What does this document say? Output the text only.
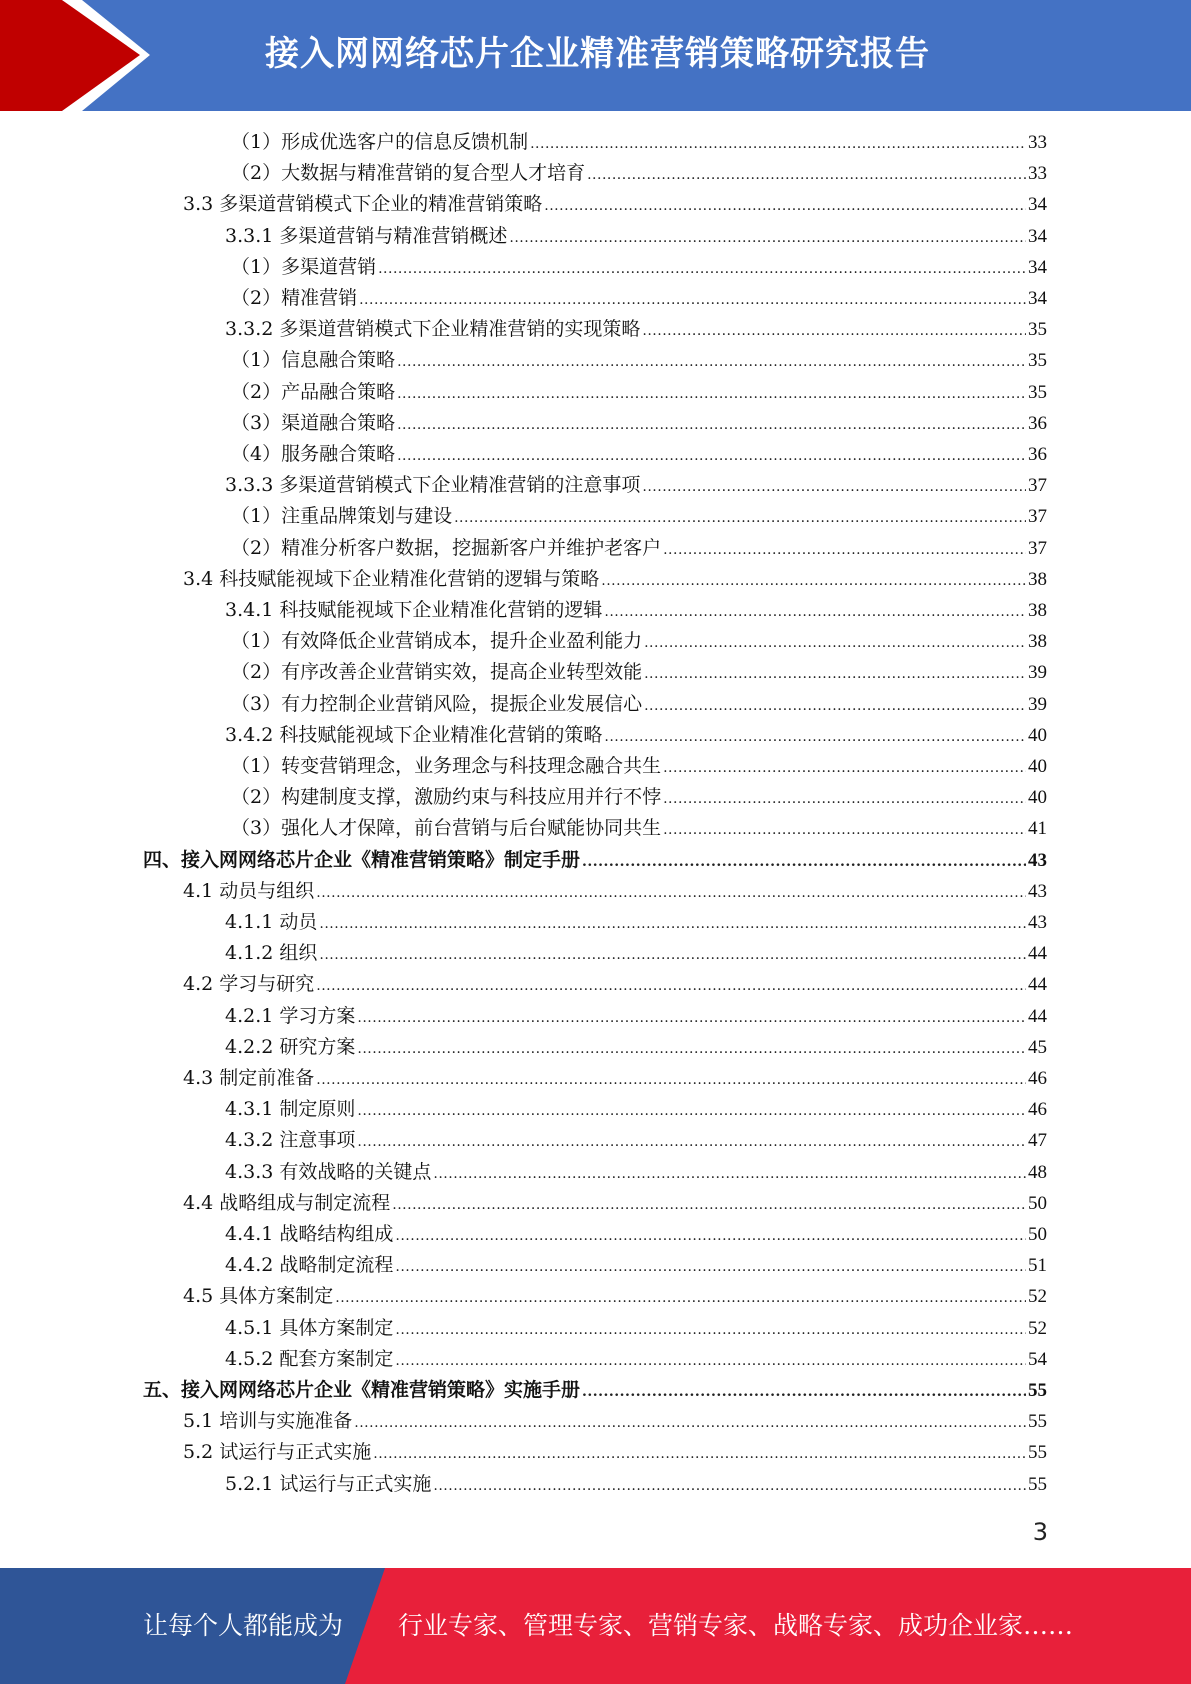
接入网网络芯片企业精准营销策略研究报告
（1）形成优选客户的信息反馈机制 .....	33
（2）大数据与精准营销的复合型人才培育 .....	33
3.3 多渠道营销模式下企业的精准营销策略 .....	34
3.3.1 多渠道营销与精准营销概述 .....	34
（1）多渠道营销 .....	34
（2）精准营销 .....	34
3.3.2 多渠道营销模式下企业精准营销的实现策略 .....	35
（1）信息融合策略 .....	35
（2）产品融合策略 .....	35
（3）渠道融合策略 .....	36
（4）服务融合策略 .....	36
3.3.3 多渠道营销模式下企业精准营销的注意事项 .....	37
（1）注重品牌策划与建设 .....	37
（2）精准分析客户数据，挖掘新客户并维护老客户 .....	37
3.4 科技赋能视域下企业精准化营销的逻辑与策略 .....	38
3.4.1 科技赋能视域下企业精准化营销的逻辑 .....	38
（1）有效降低企业营销成本，提升企业盈利能力 .....	38
（2）有序改善企业营销实效，提高企业转型效能 .....	39
（3）有力控制企业营销风险，提振企业发展信心 .....	39
3.4.2 科技赋能视域下企业精准化营销的策略 .....	40
（1）转变营销理念，业务理念与科技理念融合共生 .....	40
（2）构建制度支撑，激励约束与科技应用并行不悖 .....	40
（3）强化人才保障，前台营销与后台赋能协同共生 .....	41
四、接入网网络芯片企业《精准营销策略》制定手册 .....	43
4.1 动员与组织 .....	43
4.1.1 动员 .....	43
4.1.2 组织 .....	44
4.2 学习与研究 .....	44
4.2.1 学习方案 .....	44
4.2.2 研究方案 .....	45
4.3 制定前准备 .....	46
4.3.1 制定原则 .....	46
4.3.2 注意事项 .....	47
4.3.3 有效战略的关键点 .....	48
4.4 战略组成与制定流程 .....	50
4.4.1 战略结构组成 .....	50
4.4.2 战略制定流程 .....	51
4.5 具体方案制定 .....	52
4.5.1 具体方案制定 .....	52
4.5.2 配套方案制定 .....	54
五、接入网网络芯片企业《精准营销策略》实施手册 .....	55
5.1 培训与实施准备 .....	55
5.2 试运行与正式实施 .....	55
5.2.1 试运行与正式实施 .....	55
3
让每个人都能成为 行业专家、管理专家、营销专家、战略专家、成功企业家……
